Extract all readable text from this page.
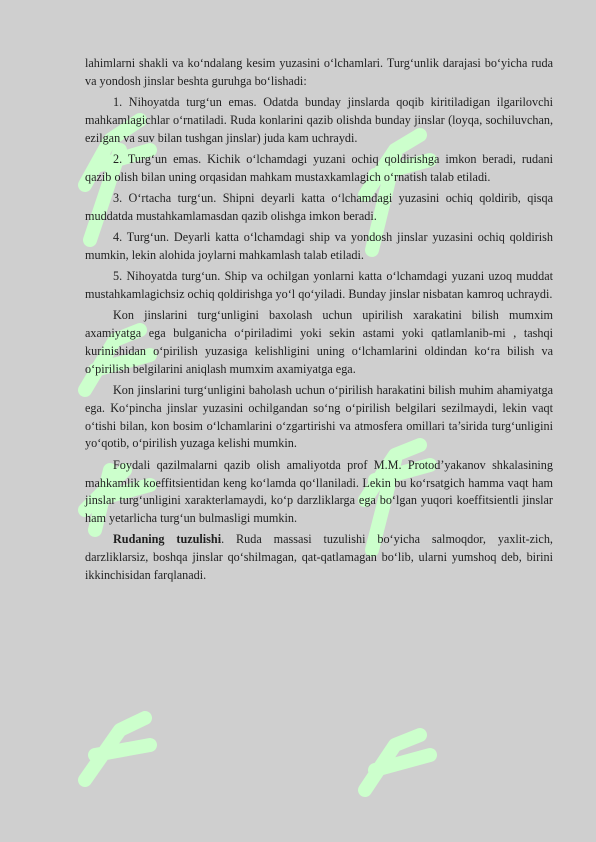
lahimlarni shakli va ko‘ndalang kesim yuzasini o‘lchamlari. Turg‘unlik darajasi bo‘yicha ruda va yondosh jinslar beshta guruhga bo‘lishadi:

1. Nihoyatda turg‘un emas. Odatda bunday jinslarda qoqib kiritiladigan ilgarilovchi mahkamlagichlar o‘rnatiladi. Ruda konlarini qazib olishda bunday jinslar (loyqa, sochiluvchan, ezilgan va suv bilan tushgan jinslar) juda kam uchraydi.

2. Turg‘un emas. Kichik o‘lchamdagi yuzani ochiq qoldirishga imkon beradi, rudani qazib olish bilan uning orqasidan mahkam mustaxkamlagich o‘rnatish talab etiladi.

3. O‘rtacha turg‘un. Shipni deyarli katta o‘lchamdagi yuzasini ochiq qoldirib, qisqa muddatda mustahkamlamasdan qazib olishga imkon beradi.

4. Turg‘un. Deyarli katta o‘lchamdagi ship va yondosh jinslar yuzasini ochiq qoldirish mumkin, lekin alohida joylarni mahkamlash talab etiladi.

5. Nihoyatda turg‘un. Ship va ochilgan yonlarni katta o‘lchamdagi yuzani uzoq muddat mustahkamlagichsiz ochiq qoldirishga yo‘l qo‘yiladi. Bunday jinslar nisbatan kamroq uchraydi.

Kon jinslarini turg‘unligini baxolash uchun upirilish xarakatini bilish mumxim axamiyatga ega bulganicha o‘piriladimi yoki sekin astami yoki qatlamlanib-mi , tashqi kurinishidan o‘pirilish yuzasiga kelishligini uning o‘lchamlarini oldindan ko‘ra bilish va o‘pirilish belgilarini aniqlash mumxim axamiyatga ega.

Kon jinslarini turg‘unligini baholash uchun o‘pirilish harakatini bilish muhim ahamiyatga ega. Ko‘pincha jinslar yuzasini ochilgandan so‘ng o‘pirilish belgilari sezilmaydi, lekin vaqt o‘tishi bilan, kon bosim o‘lchamlarini o‘zgartirishi va atmosfera omillari ta’sirida turg‘unligini yo‘qotib, o‘pirilish yuzaga kelishi mumkin.

Foydali qazilmalarni qazib olish amaliyotda prof M.M. Protod’yakanov shkalasining mahkamlik koeffitsientidan keng ko‘lamda qo‘llaniladi. Lekin bu ko‘rsatgich hamma vaqt ham jinslar turg‘unligini xarakterlamaydi, ko‘p darzliklarga ega bo‘lgan yuqori koeffitsientli jinslar ham yetarlicha turg‘un bulmasligi mumkin.

Rudaning tuzulishi. Ruda massasi tuzulishi bo‘yicha salmoqdor, yaxlit-zich, darzliklarsiz, boshqa jinslar qo‘shilmagan, qat-qatlamagan bo‘lib, ularni yumshoq deb, birini ikkinchisidan farqlanadi.
